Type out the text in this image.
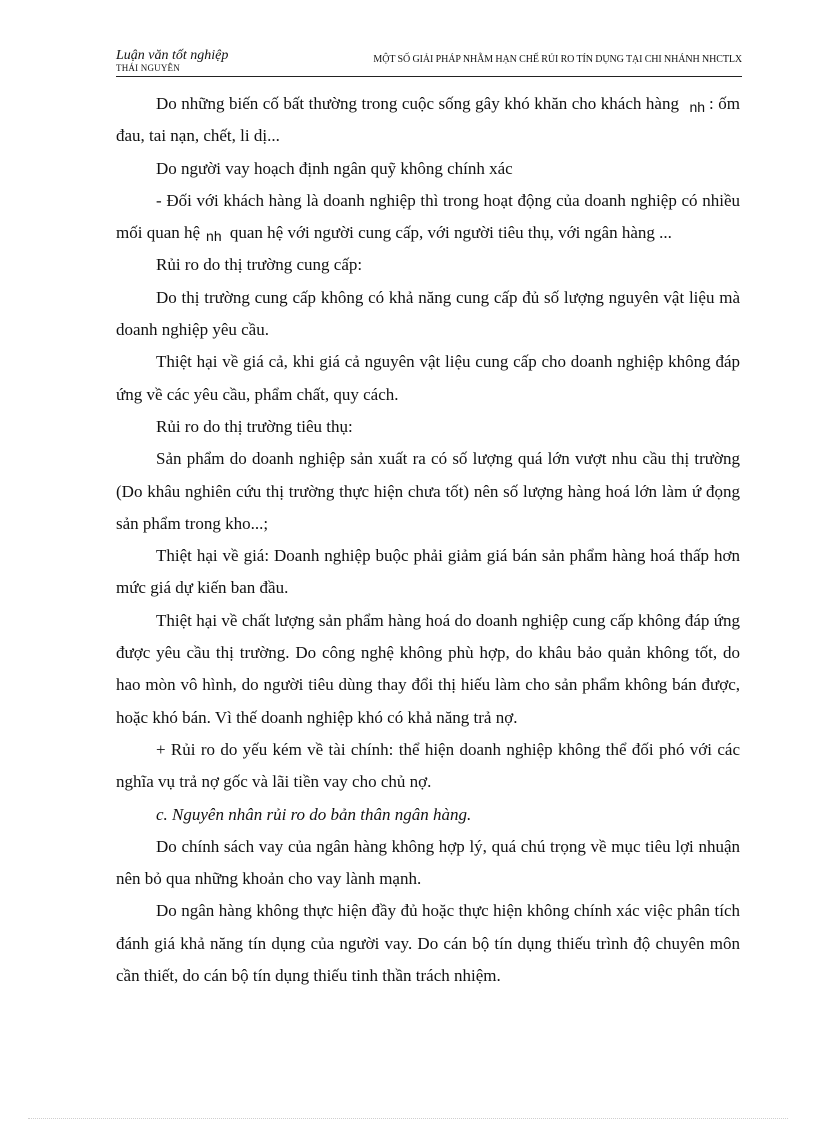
Luận văn tốt nghiệp
THÁI NGUYÊN
MỘT SỐ GIẢI PHÁP NHẰM HẠN CHẾ RỦI RO TÍN DỤNG TẠI CHI NHÁNH NHCTLX

Do những biến cố bất thường trong cuộc sống gây khó khăn cho khách hàng nh : ốm đau, tai nạn, chết, li dị...

Do người vay hoạch định ngân quỹ không chính xác

- Đối với khách hàng là doanh nghiệp thì trong hoạt động của doanh nghiệp có nhiều mối quan hệ nh quan hệ với người cung cấp, với người tiêu thụ, với ngân hàng ...

Rủi ro do thị trường cung cấp:

Do thị trường cung cấp không có khả năng cung cấp đủ số lượng nguyên vật liệu mà doanh nghiệp yêu cầu.

Thiệt hại về giá cả, khi giá cả nguyên vật liệu cung cấp cho doanh nghiệp không đáp ứng về các yêu cầu, phẩm chất, quy cách.

Rủi ro do thị trường tiêu thụ:

Sản phẩm do doanh nghiệp sản xuất ra có số lượng quá lớn vượt nhu cầu thị trường (Do khâu nghiên cứu thị trường thực hiện chưa tốt) nên số lượng hàng hoá lớn làm ứ đọng sản phẩm trong kho...;

Thiệt hại về giá: Doanh nghiệp buộc phải giảm giá bán sản phẩm hàng hoá thấp hơn mức giá dự kiến ban đầu.

Thiệt hại về chất lượng sản phẩm hàng hoá do doanh nghiệp cung cấp không đáp ứng được yêu cầu thị trường. Do công nghệ không phù hợp, do khâu bảo quản không tốt, do hao mòn vô hình, do người tiêu dùng thay đổi thị hiếu làm cho sản phẩm không bán được, hoặc khó bán. Vì thế doanh nghiệp khó có khả năng trả nợ.

+ Rủi ro do yếu kém về tài chính: thể hiện doanh nghiệp không thể đối phó với các nghĩa vụ trả nợ gốc và lãi tiền vay cho chủ nợ.

c. Nguyên nhân rủi ro do bản thân ngân hàng.

Do chính sách vay của ngân hàng không hợp lý, quá chú trọng về mục tiêu lợi nhuận nên bỏ qua những khoản cho vay lành mạnh.

Do ngân hàng không thực hiện đầy đủ hoặc thực hiện không chính xác việc phân tích đánh giá khả năng tín dụng của người vay. Do cán bộ tín dụng thiếu trình độ chuyên môn cần thiết, do cán bộ tín dụng thiếu tinh thần trách nhiệm.
